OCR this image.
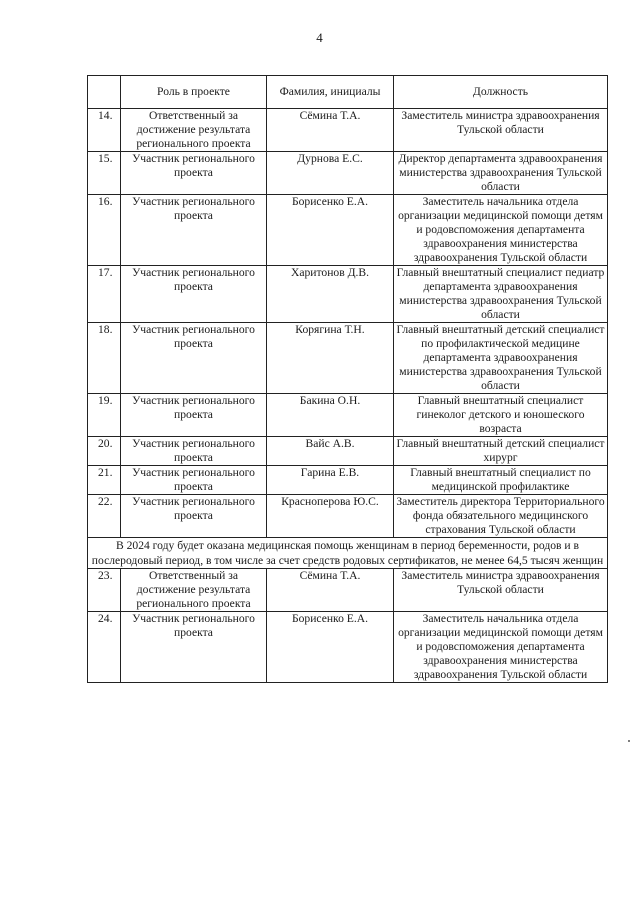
4
	Роль в проекте	Фамилия, инициалы	Должность
14.	Ответственный за достижение результата регионального проекта	Сёмина Т.А.	Заместитель министра здравоохранения Тульской области
15.	Участник регионального проекта	Дурнова Е.С.	Директор департамента здравоохранения министерства здравоохранения Тульской области
16.	Участник регионального проекта	Борисенко Е.А.	Заместитель начальника отдела организации медицинской помощи детям и родовспоможения департамента здравоохранения министерства здравоохранения Тульской области
17.	Участник регионального проекта	Харитонов Д.В.	Главный внештатный специалист педиатр департамента здравоохранения министерства здравоохранения Тульской области
18.	Участник регионального проекта	Корягина Т.Н.	Главный внештатный детский специалист по профилактической медицине департамента здравоохранения министерства здравоохранения Тульской области
19.	Участник регионального проекта	Бакина О.Н.	Главный внештатный специалист гинеколог детского и юношеского возраста
20.	Участник регионального проекта	Вайс А.В.	Главный внештатный детский специалист хирург
21.	Участник регионального проекта	Гарина Е.В.	Главный внештатный специалист по медицинской профилактике
22.	Участник регионального проекта	Красноперова Ю.С.	Заместитель директора Территориального фонда обязательного медицинского страхования Тульской области
В 2024 году будет оказана медицинская помощь женщинам в период беременности, родов и в послеродовый период, в том числе за счет средств родовых сертификатов, не менее 64,5 тысяч женщин			
23.	Ответственный за достижение результата регионального проекта	Сёмина Т.А.	Заместитель министра здравоохранения Тульской области
24.	Участник регионального проекта	Борисенко Е.А.	Заместитель начальника отдела организации медицинской помощи детям и родовспоможения департамента здравоохранения министерства здравоохранения Тульской области
